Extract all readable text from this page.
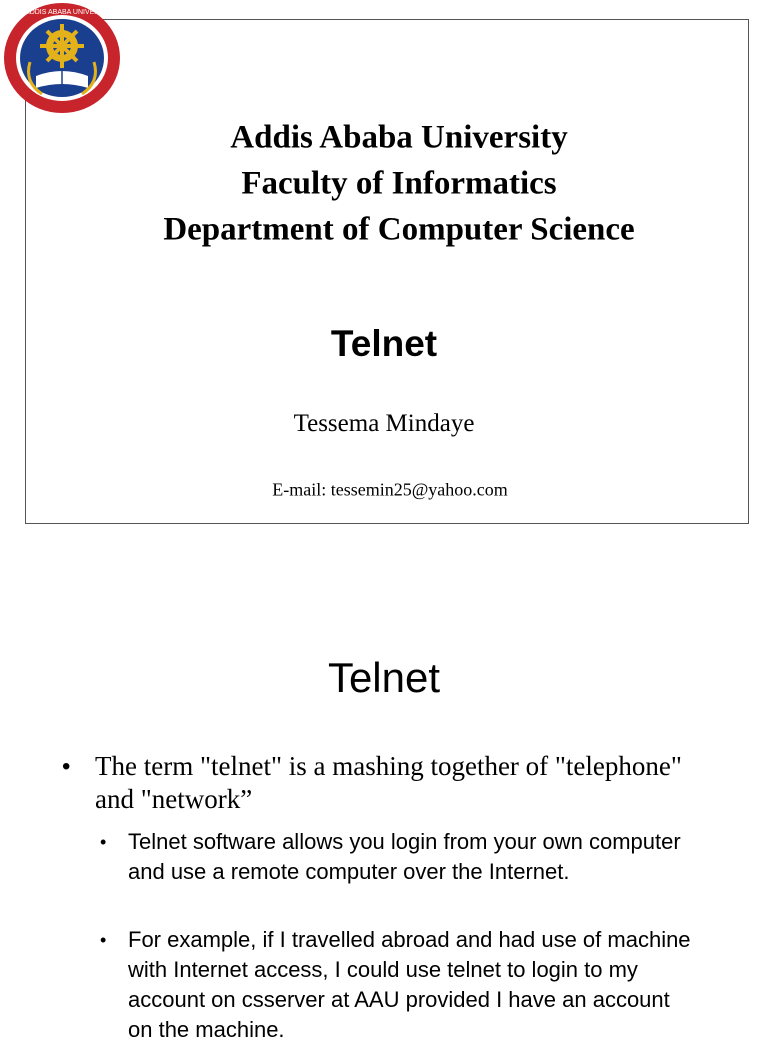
AAU ADDIS ABABA UNIVERSITY
Addis Ababa University
Faculty of Informatics
Department of Computer Science
Telnet
Tessema Mindaye
E-mail: tessemin25@yahoo.com
Telnet
• The term "telnet" is a mashing together of "telephone" and "network”
• Telnet software allows you login from your own computer and use a remote computer over the Internet.
• For example, if I travelled abroad and had use of machine with Internet access, I could use telnet to login to my account on csserver at AAU provided I have an account on the machine.
